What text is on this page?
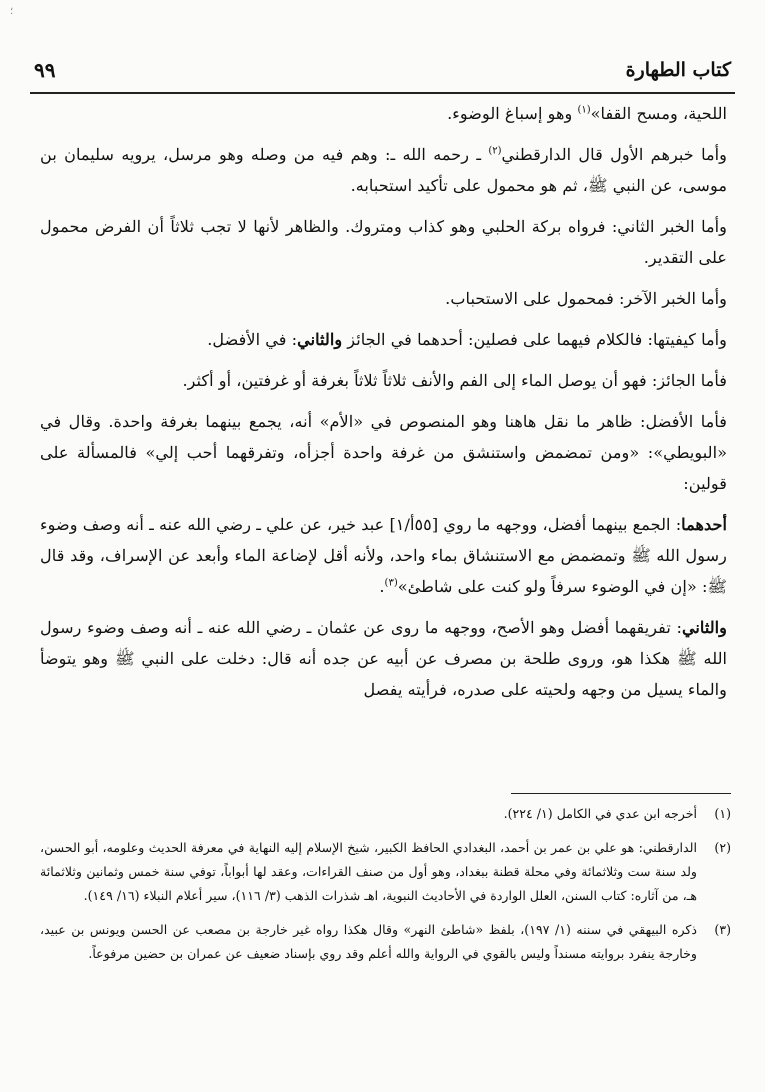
؛
٩٩	كتاب الطهارة

اللحية، ومسح القفا»$^{(١)}$ وهو إسباغ الوضوء.

وأما خبرهم الأول قال الدارقطني$^{(٢)}$ ـ رحمه الله ـ: وهم فيه من وصله وهو مرسل، يرويه سليمان بن موسى، عن النبي ﷺ، ثم هو محمول على تأكيد استحبابه.

وأما الخبر الثاني: فرواه بركة الحلبي وهو كذاب ومتروك. والظاهر لأنها لا تجب ثلاثاً أن الفرض محمول على التقدير.

وأما الخبر الآخر: فمحمول على الاستحباب.

وأما كيفيتها: فالكلام فيهما على فصلين: أحدهما في الجائز والثاني: في الأفضل.

فأما الجائز: فهو أن يوصل الماء إلى الفم والأنف ثلاثاً ثلاثاً بغرفة أو غرفتين، أو أكثر.

فأما الأفضل: ظاهر ما نقل هاهنا وهو المنصوص في «الأم» أنه، يجمع بينهما بغرفة واحدة. وقال في «البويطي»: «ومن تمضمض واستنشق من غرفة واحدة أجزأه، وتفرقهما أحب إلي» فالمسألة على قولين:

أحدهما: الجمع بينهما أفضل، ووجهه ما روي [٥٥أ/١] عبد خير، عن علي ـ رضي الله عنه ـ أنه وصف وضوء رسول الله ﷺ وتمضمض مع الاستنشاق بماء واحد، ولأنه أقل لإضاعة الماء وأبعد عن الإسراف، وقد قال ﷺ: «إن في الوضوء سرفاً ولو كنت على شاطئ»$^{(٣)}$.

والثاني: تفريقهما أفضل وهو الأصح، ووجهه ما روى عن عثمان ـ رضي الله عنه ـ أنه وصف وضوء رسول الله ﷺ هكذا هو، وروى طلحة بن مصرف عن أبيه عن جده أنه قال: دخلت على النبي ﷺ وهو يتوضأ والماء يسيل من وجهه ولحيته على صدره، فرأيته يفصل

(١)
أخرجه ابن عدي في الكامل (١/ ٢٢٤).
(٢)
الدارقطني: هو علي بن عمر بن أحمد، البغدادي الحافظ الكبير، شيخ الإسلام إليه النهاية في معرفة الحديث وعلومه، أبو الحسن، ولد سنة ست وثلاثمائة وفي محلة قطنة ببغداد، وهو أول من صنف القراءات، وعقد لها أبواباً، توفي سنة خمس وثمانين وثلاثمائة هـ، من آثاره: كتاب السنن، العلل الواردة في الأحاديث النبوية، اهـ شذرات الذهب (٣/ ١١٦)، سير أعلام النبلاء (١٦/ ١٤٩).
(٣)
ذكره البيهقي في سننه (١/ ١٩٧)، بلفظ «شاطئ النهر» وقال هكذا رواه غير خارجة بن مصعب عن الحسن ويونس بن عبيد، وخارجة ينفرد بروايته مسنداً وليس بالقوي في الرواية والله أعلم وقد روي بإسناد ضعيف عن عمران بن حضين مرفوعاً.
